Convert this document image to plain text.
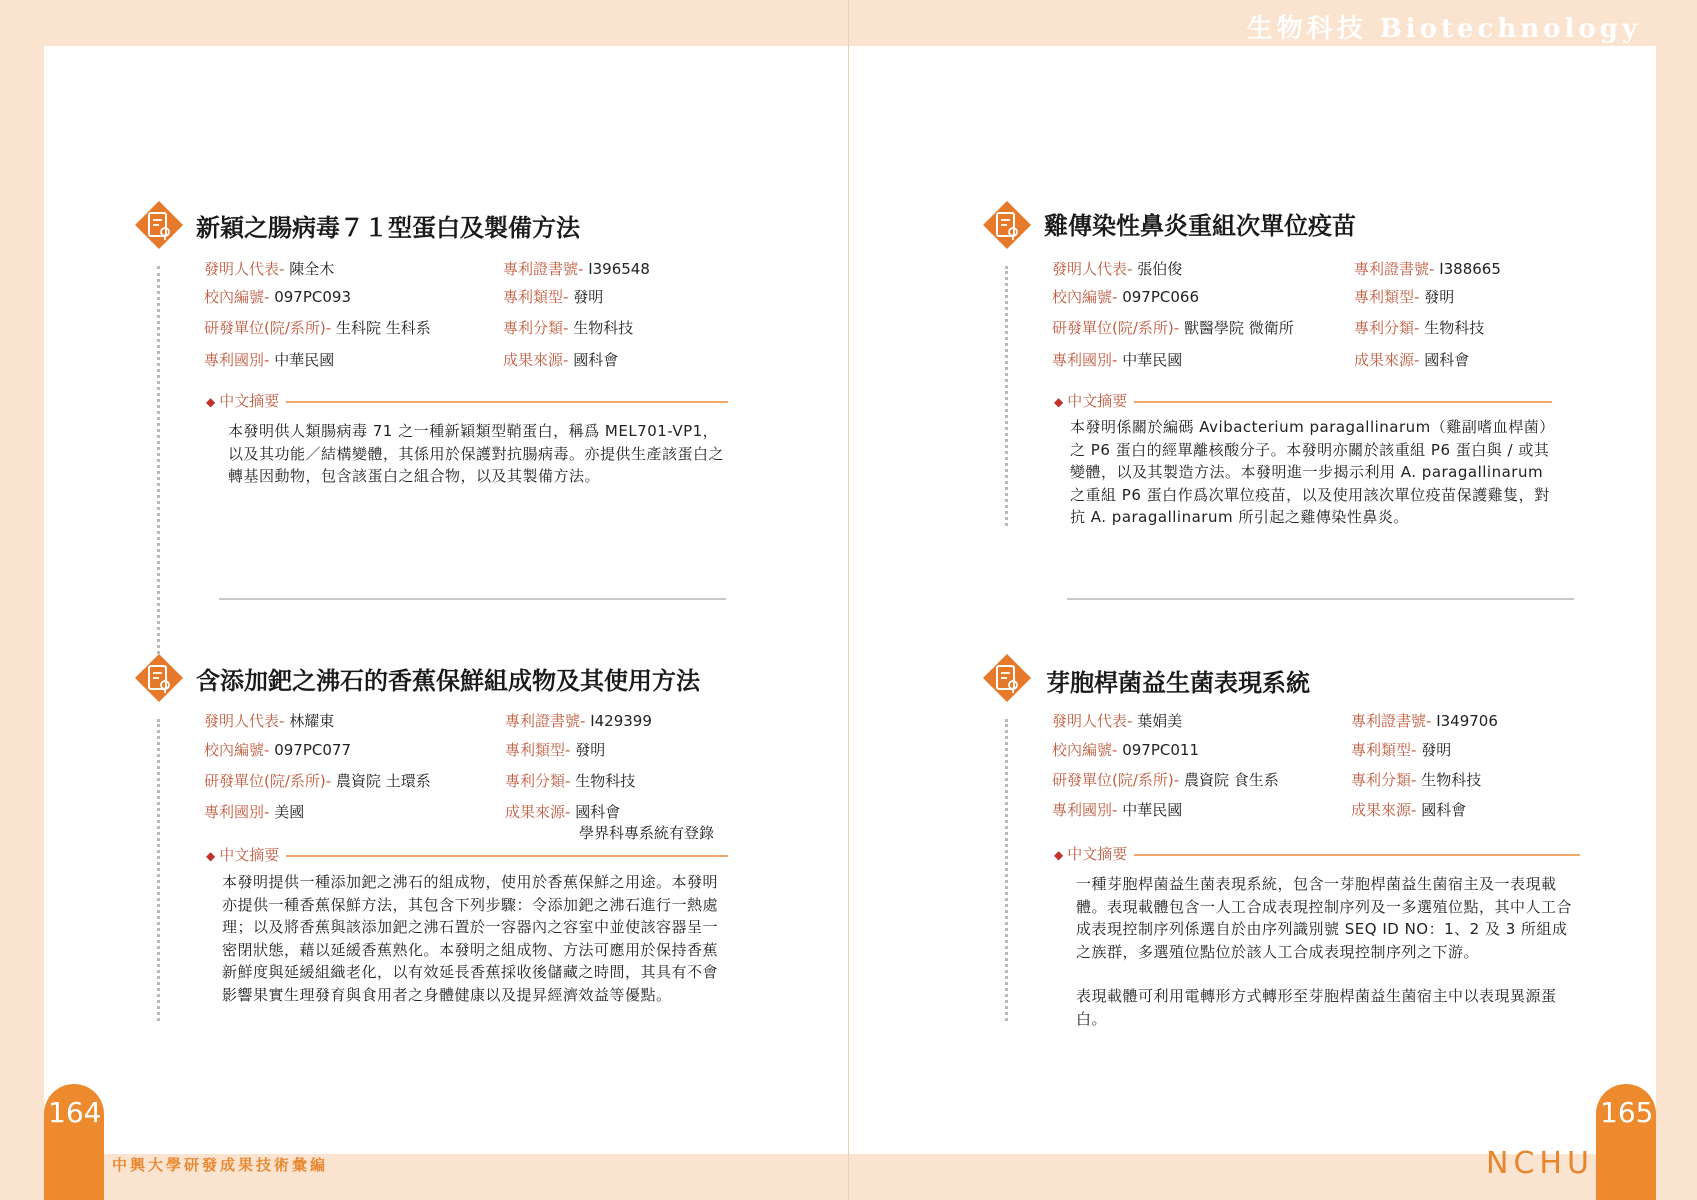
生物科技 Biotechnology
新穎之腸病毒７１型蛋白及製備方法
發明人代表- 陳全木
校內編號- 097PC093
研發單位(院/系所)- 生科院 生科系
專利國別- 中華民國
專利證書號- I396548
專利類型- 發明
專利分類- 生物科技
成果來源- 國科會
◆ 中文摘要

本發明供人類腸病毒 71 之一種新穎類型鞘蛋白，稱爲 MEL701-VP1，以及其功能／結構變體，其係用於保護對抗腸病毒。亦提供生產該蛋白之轉基因動物，包含該蛋白之組合物，以及其製備方法。

雞傳染性鼻炎重組次單位疫苗
發明人代表- 張伯俊
校內編號- 097PC066
研發單位(院/系所)- 獸醫學院 微衛所
專利國別- 中華民國
專利證書號- I388665
專利類型- 發明
專利分類- 生物科技
成果來源- 國科會
◆ 中文摘要

本發明係關於編碼 Avibacterium paragallinarum（雞副嗜血桿菌）之 P6 蛋白的經單離核酸分子。本發明亦關於該重組 P6 蛋白與 / 或其變體，以及其製造方法。本發明進一步揭示利用 A. paragallinarum 之重組 P6 蛋白作爲次單位疫苗，以及使用該次單位疫苗保護雞隻，對抗 A. paragallinarum 所引起之雞傳染性鼻炎。

含添加鈀之沸石的香蕉保鮮組成物及其使用方法
發明人代表- 林耀東
校內編號- 097PC077
研發單位(院/系所)- 農資院 土環系
專利國別- 美國
專利證書號- I429399
專利類型- 發明
專利分類- 生物科技
成果來源- 國科會
學界科專系統有登錄
◆ 中文摘要

本發明提供一種添加鈀之沸石的組成物，使用於香蕉保鮮之用途。本發明亦提供一種香蕉保鮮方法，其包含下列步驟：令添加鈀之沸石進行一熱處理；以及將香蕉與該添加鈀之沸石置於一容器內之容室中並使該容器呈一密閉狀態，藉以延緩香蕉熟化。本發明之組成物、方法可應用於保持香蕉新鮮度與延緩組織老化，以有效延長香蕉採收後儲藏之時間，其具有不會影響果實生理發育與食用者之身體健康以及提昇經濟效益等優點。

芽胞桿菌益生菌表現系統
發明人代表- 葉娟美
校內編號- 097PC011
研發單位(院/系所)- 農資院 食生系
專利國別- 中華民國
專利證書號- I349706
專利類型- 發明
專利分類- 生物科技
成果來源- 國科會
◆ 中文摘要

一種芽胞桿菌益生菌表現系統，包含一芽胞桿菌益生菌宿主及一表現載體。表現載體包含一人工合成表現控制序列及一多選殖位點，其中人工合成表現控制序列係選自於由序列識別號 SEQ ID NO：1、2 及 3 所組成之族群，多選殖位點位於該人工合成表現控制序列之下游。

表現載體可利用電轉形方式轉形至芽胞桿菌益生菌宿主中以表現異源蛋白。

164	165
中興大學研發成果技術彙編	NCHU
